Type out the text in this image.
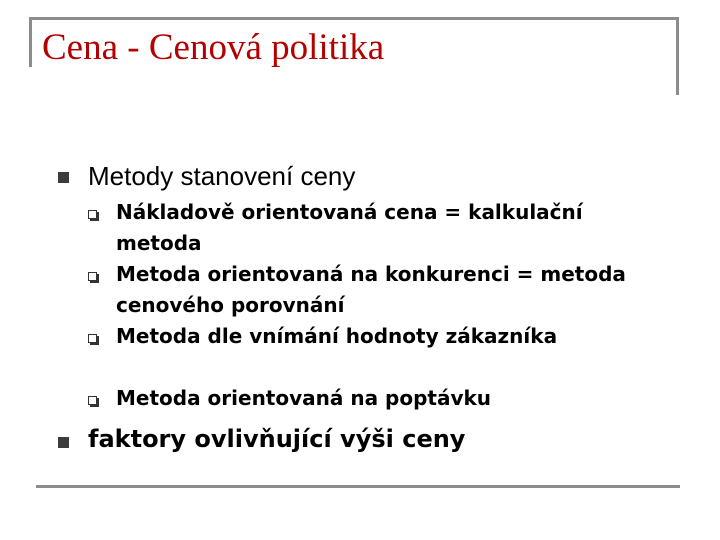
Cena - Cenová politika
Metody stanovení ceny
Nákladově orientovaná cena = kalkulační metoda
Metoda orientovaná na konkurenci = metoda cenového porovnání
Metoda dle vnímání hodnoty zákazníka
Metoda orientovaná na poptávku
faktory ovlivňující výši ceny
